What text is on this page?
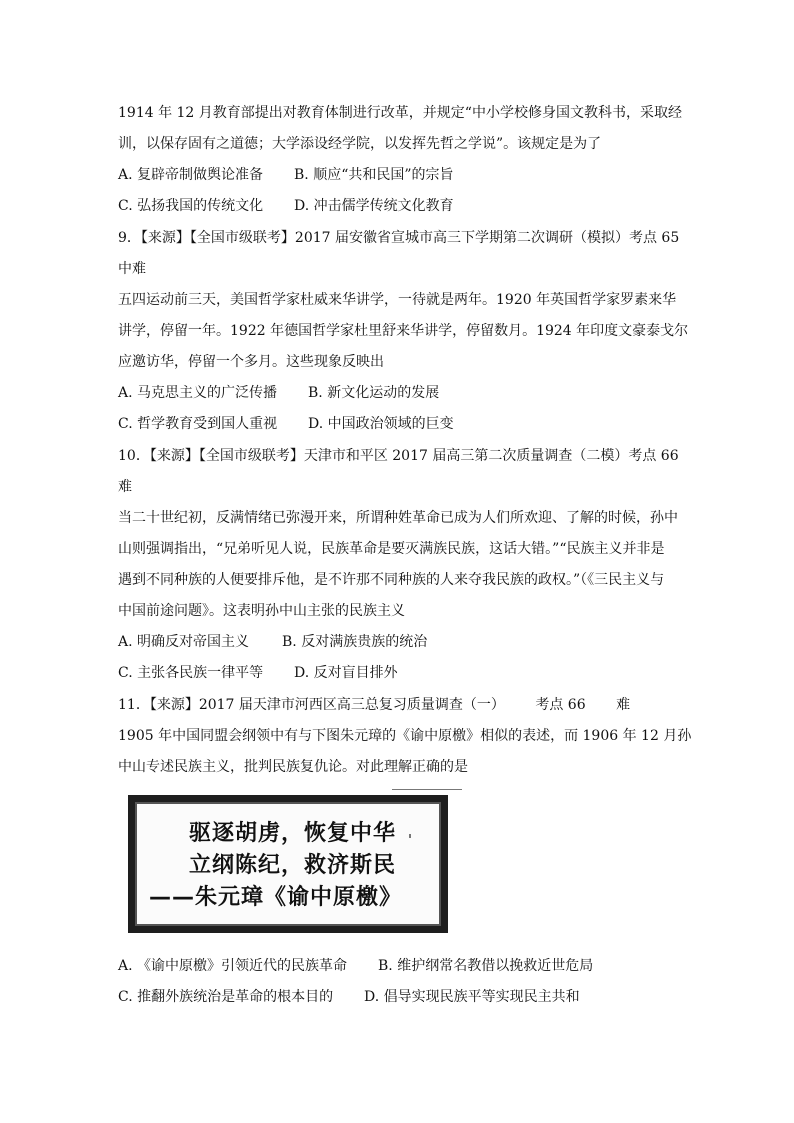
1914 年 12 月教育部提出对教育体制进行改革，并规定“中小学校修身国文教科书，采取经
训，以保存固有之道德；大学添设经学院，以发挥先哲之学说”。该规定是为了
A. 复辟帝制做舆论准备 B. 顺应“共和民国”的宗旨
C. 弘扬我国的传统文化 D. 冲击儒学传统文化教育
9．【来源】【全国市级联考】2017 届安徽省宣城市高三下学期第二次调研（模拟）考点 65
中难
五四运动前三天，美国哲学家杜威来华讲学，一待就是两年。1920 年英国哲学家罗素来华
讲学，停留一年。1922 年德国哲学家杜里舒来华讲学，停留数月。1924 年印度文豪泰戈尔
应邀访华，停留一个多月。这些现象反映出
A. 马克思主义的广泛传播 B. 新文化运动的发展
C. 哲学教育受到国人重视 D. 中国政治领域的巨变
10．【来源】【全国市级联考】天津市和平区 2017 届高三第二次质量调查（二模）考点 66
难
当二十世纪初，反满情绪已弥漫开来，所谓种姓革命已成为人们所欢迎、了解的时候，孙中
山则强调指出，“兄弟听见人说，民族革命是要灭满族民族，这话大错。”“民族主义并非是
遇到不同种族的人便要排斥他，是不许那不同种族的人来夺我民族的政权。”（《三民主义与
中国前途问题》。这表明孙中山主张的民族主义
A. 明确反对帝国主义 B. 反对满族贵族的统治
C. 主张各民族一律平等 D. 反对盲目排外
11．【来源】2017 届天津市河西区高三总复习质量调查（一） 考点 66 难
1905 年中国同盟会纲领中有与下图朱元璋的《谕中原檄》相似的表述，而 1906 年 12 月孙
中山专述民族主义，批判民族复仇论。对此理解正确的是
驱逐胡虏，恢复中华
立纲陈纪，救济斯民
——朱元璋《谕中原檄》
A. 《谕中原檄》引领近代的民族革命 B. 维护纲常名教借以挽救近世危局
C. 推翻外族统治是革命的根本目的 D. 倡导实现民族平等实现民主共和
